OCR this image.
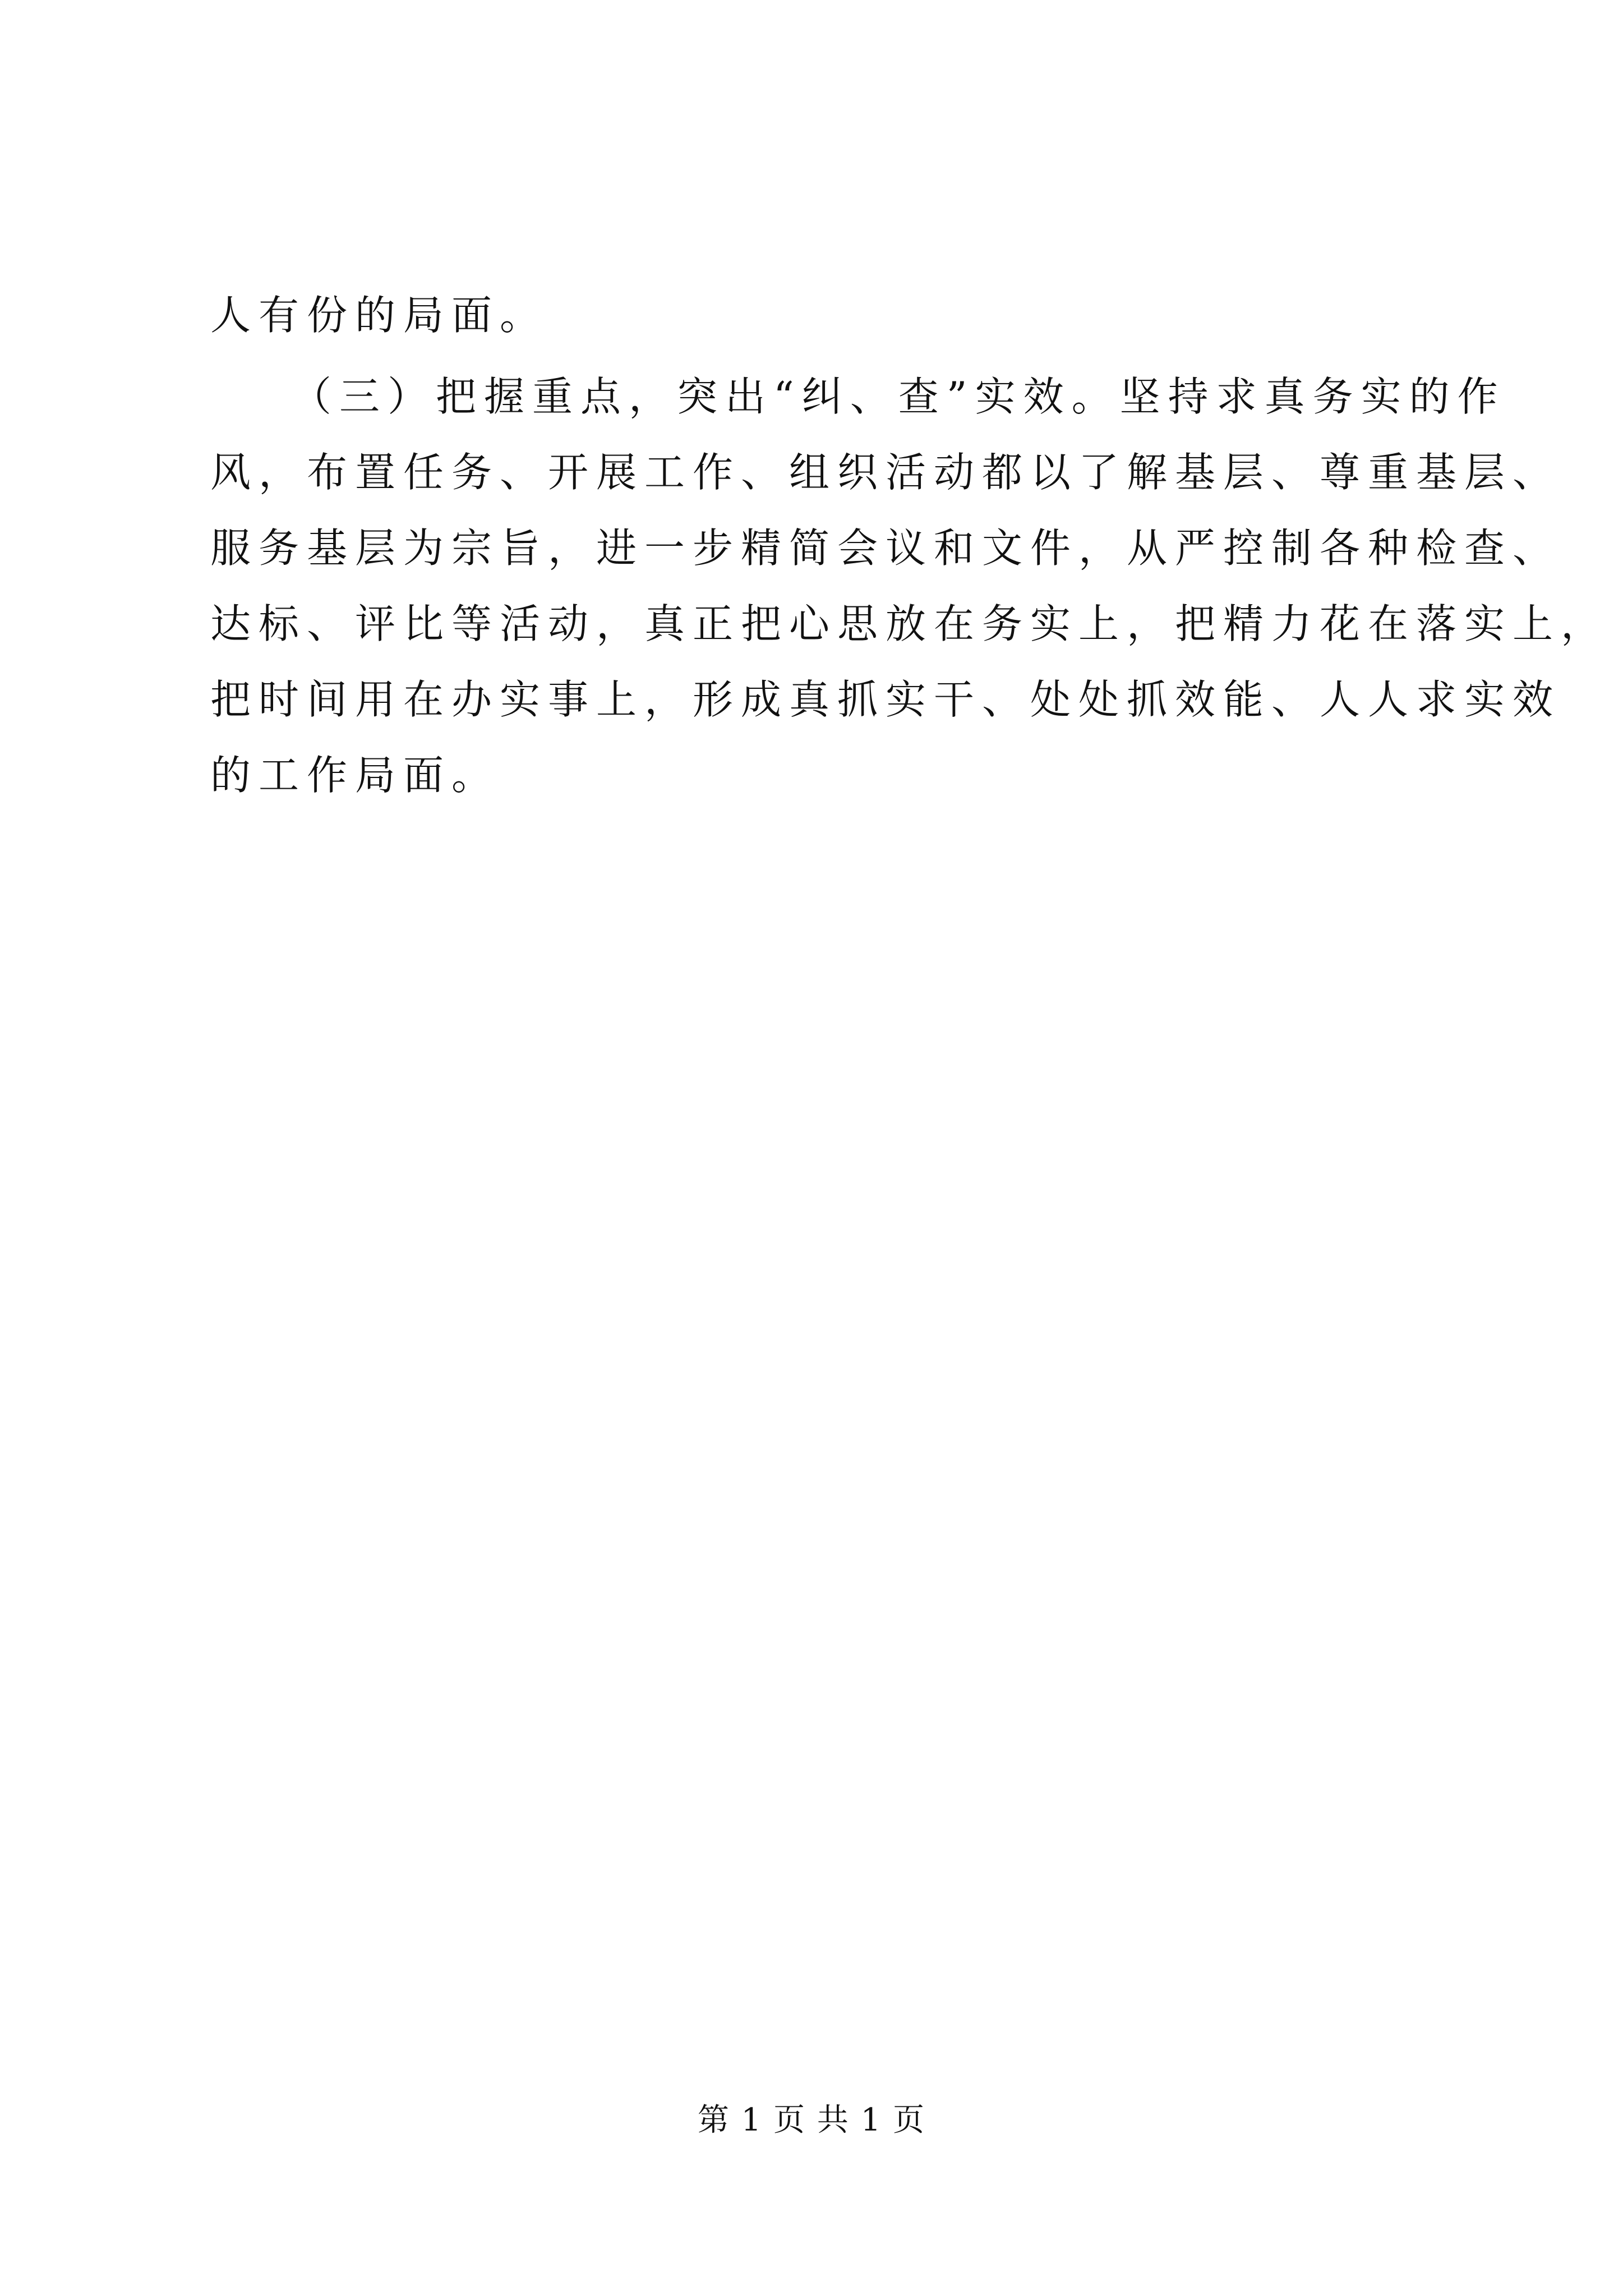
人有份的局面。
（三）把握重点，突出“纠、查”实效。坚持求真务实的作
风，布置任务、开展工作、组织活动都以了解基层、尊重基层、
服务基层为宗旨，进一步精简会议和文件，从严控制各种检查、
达标、评比等活动，真正把心思放在务实上，把精力花在落实上，
把时间用在办实事上，形成真抓实干、处处抓效能、人人求实效
的工作局面。
第 1 页 共 1 页
